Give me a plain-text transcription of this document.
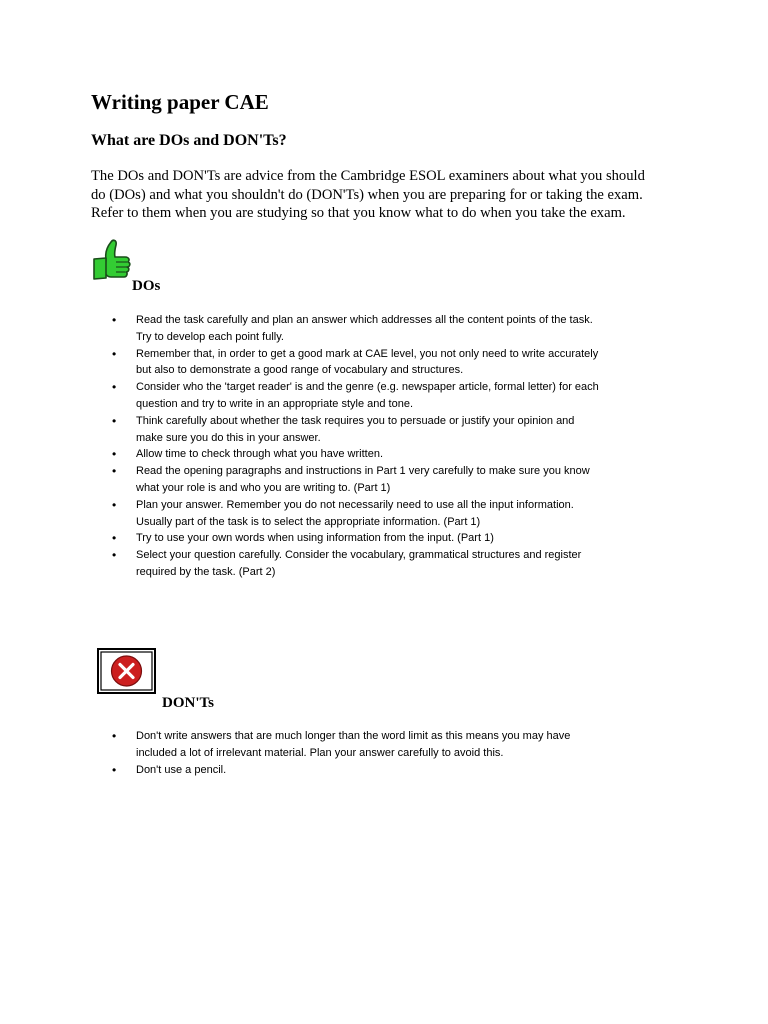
Writing paper CAE
What are DOs and DON'Ts?

The DOs and DON'Ts are advice from the Cambridge ESOL examiners about what you should
do (DOs) and what you shouldn't do (DON'Ts) when you are preparing for or taking the exam.
Refer to them when you are studying so that you know what to do when you take the exam.

DOs
•	Read the task carefully and plan an answer which addresses all the content points of the task.
Try to develop each point fully.
•	Remember that, in order to get a good mark at CAE level, you not only need to write accurately
but also to demonstrate a good range of vocabulary and structures.
•	Consider who the 'target reader' is and the genre (e.g. newspaper article, formal letter) for each
question and try to write in an appropriate style and tone.
•	Think carefully about whether the task requires you to persuade or justify your opinion and
make sure you do this in your answer.
•	Allow time to check through what you have written.
•	Read the opening paragraphs and instructions in Part 1 very carefully to make sure you know
what your role is and who you are writing to. (Part 1)
•	Plan your answer. Remember you do not necessarily need to use all the input information.
Usually part of the task is to select the appropriate information. (Part 1)
•	Try to use your own words when using information from the input. (Part 1)
•	Select your question carefully. Consider the vocabulary, grammatical structures and register
required by the task. (Part 2)
DON'Ts
•	Don't write answers that are much longer than the word limit as this means you may have
included a lot of irrelevant material. Plan your answer carefully to avoid this.
•	Don't use a pencil.
